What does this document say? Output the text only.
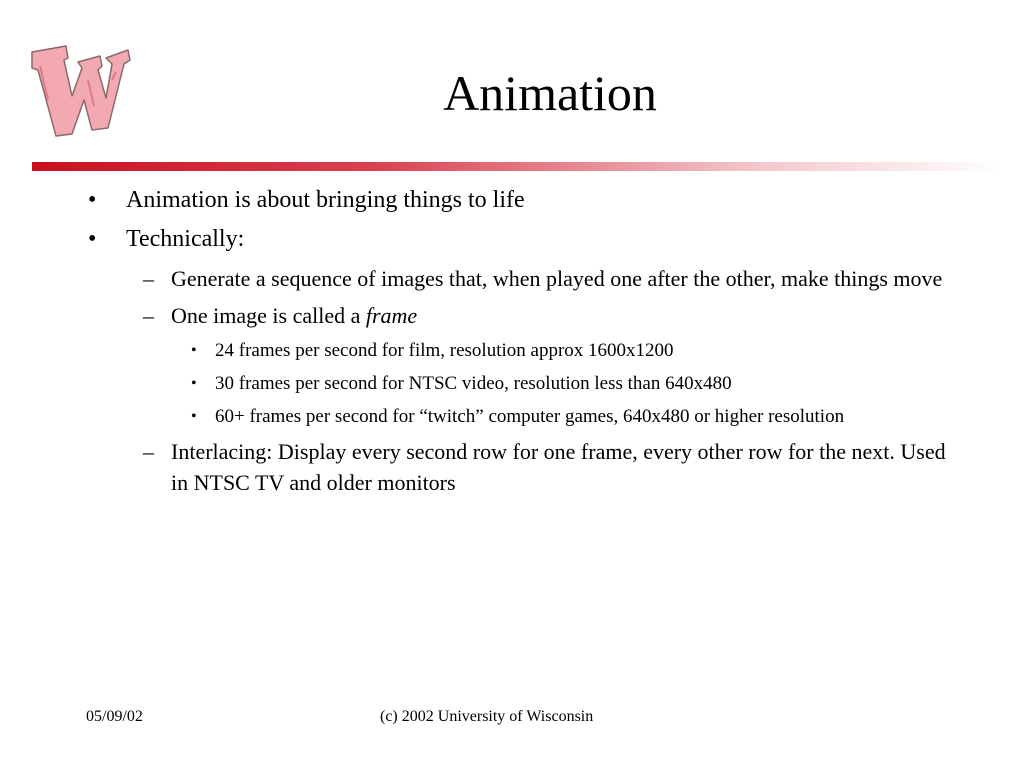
Animation
• Animation is about bringing things to life
• Technically:
– Generate a sequence of images that, when played one after the other, make things move
– One image is called a frame
• 24 frames per second for film, resolution approx 1600x1200
• 30 frames per second for NTSC video, resolution less than 640x480
• 60+ frames per second for “twitch” computer games, 640x480 or higher resolution
– Interlacing: Display every second row for one frame, every other row for the next. Used in NTSC TV and older monitors
05/09/02	(c) 2002 University of Wisconsin
